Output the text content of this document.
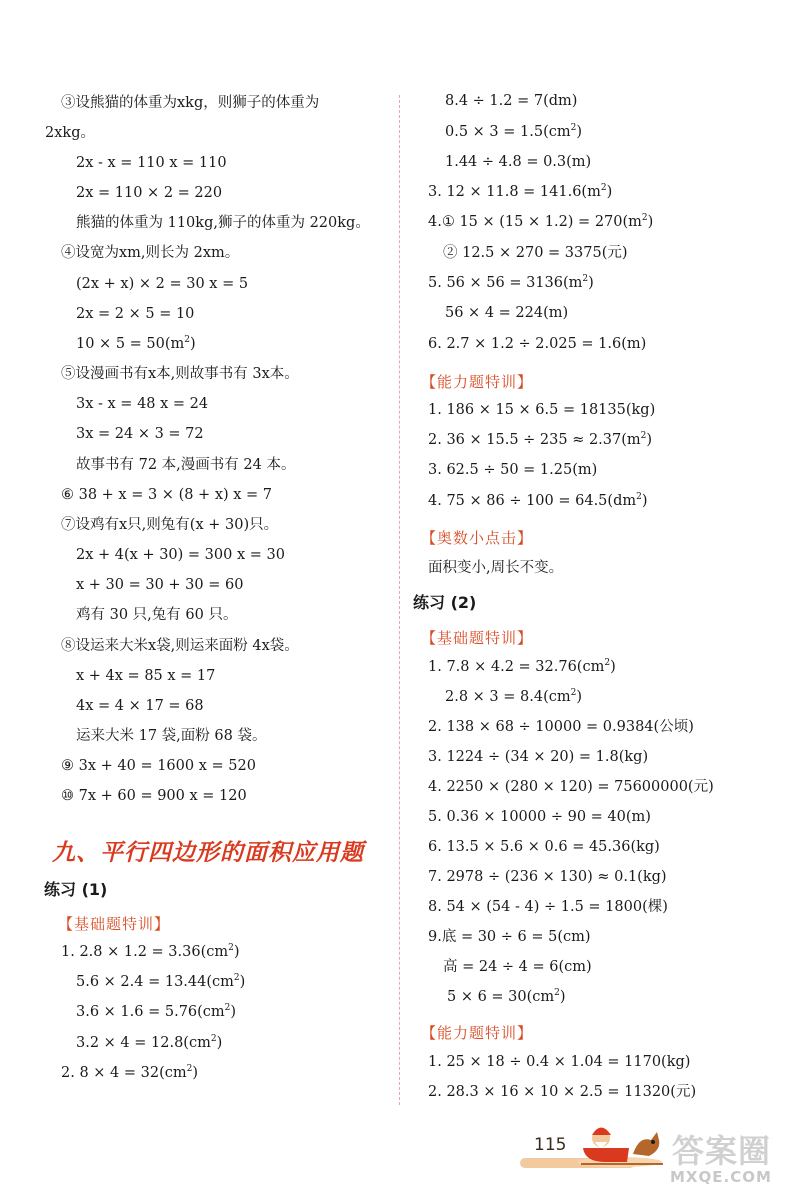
③设熊猫的体重为xkg，则狮子的体重为
2xkg。
2x - x = 110 x = 110
2x = 110 × 2 = 220
熊猫的体重为 110kg,狮子的体重为 220kg。
④设宽为xm,则长为 2xm。
(2x + x) × 2 = 30 x = 5
2x = 2 × 5 = 10
$10 \times 5 = 50(m^2)$
⑤设漫画书有x本,则故事书有 3x本。
3x - x = 48 x = 24
3x = 24 × 3 = 72
故事书有 72 本,漫画书有 24 本。
⑥ 38 + x = 3 × (8 + x) x = 7
⑦设鸡有x只,则兔有(x + 30)只。
2x + 4(x + 30) = 300 x = 30
x + 30 = 30 + 30 = 60
鸡有 30 只,兔有 60 只。
⑧设运来大米x袋,则运来面粉 4x袋。
x + 4x = 85 x = 17
4x = 4 × 17 = 68
运来大米 17 袋,面粉 68 袋。
⑨ 3x + 40 = 1600 x = 520
⑩ 7x + 60 = 900 x = 120
九、平行四边形的面积应用题
练习 (1)
【基础题特训】
1. $2.8 \times 1.2 = 3.36(cm^2)$
$5.6 \times 2.4 = 13.44(cm^2)$
$3.6 \times 1.6 = 5.76(cm^2)$
$3.2 \times 4 = 12.8(cm^2)$
2. $8 \times 4 = 32(cm^2)$
8.4 ÷ 1.2 = 7(dm)
$0.5 \times 3 = 1.5(cm^2)$
1.44 ÷ 4.8 = 0.3(m)
3. $12 \times 11.8 = 141.6(m^2)$
4.① $15 \times (15 \times 1.2) = 270(m^2)$
② 12.5 × 270 = 3375(元)
5. $56 \times 56 = 3136(m^2)$
56 × 4 = 224(m)
6. 2.7 × 1.2 ÷ 2.025 = 1.6(m)
【能力题特训】
1. 186 × 15 × 6.5 = 18135(kg)
2. $36 \times 15.5 \div 235 \approx 2.37(m^2)$
3. 62.5 ÷ 50 = 1.25(m)
4. $75 \times 86 \div 100 = 64.5(dm^2)$
【奥数小点击】
面积变小,周长不变。
练习 (2)
【基础题特训】
1. $7.8 \times 4.2 = 32.76(cm^2)$
$2.8 \times 3 = 8.4(cm^2)$
2. 138 × 68 ÷ 10000 = 0.9384(公顷)
3. 1224 ÷ (34 × 20) = 1.8(kg)
4. 2250 × (280 × 120) = 75600000(元)
5. 0.36 × 10000 ÷ 90 = 40(m)
6. 13.5 × 5.6 × 0.6 = 45.36(kg)
7. 2978 ÷ (236 × 130) ≈ 0.1(kg)
8. 54 × (54 - 4) ÷ 1.5 = 1800(棵)
9.底 = 30 ÷ 6 = 5(cm)
高 = 24 ÷ 4 = 6(cm)
$5 \times 6 = 30(cm^2)$
【能力题特训】
1. 25 × 18 ÷ 0.4 × 1.04 = 1170(kg)
2. 28.3 × 16 × 10 × 2.5 = 11320(元)
115	答案圈
MXQE.COM
